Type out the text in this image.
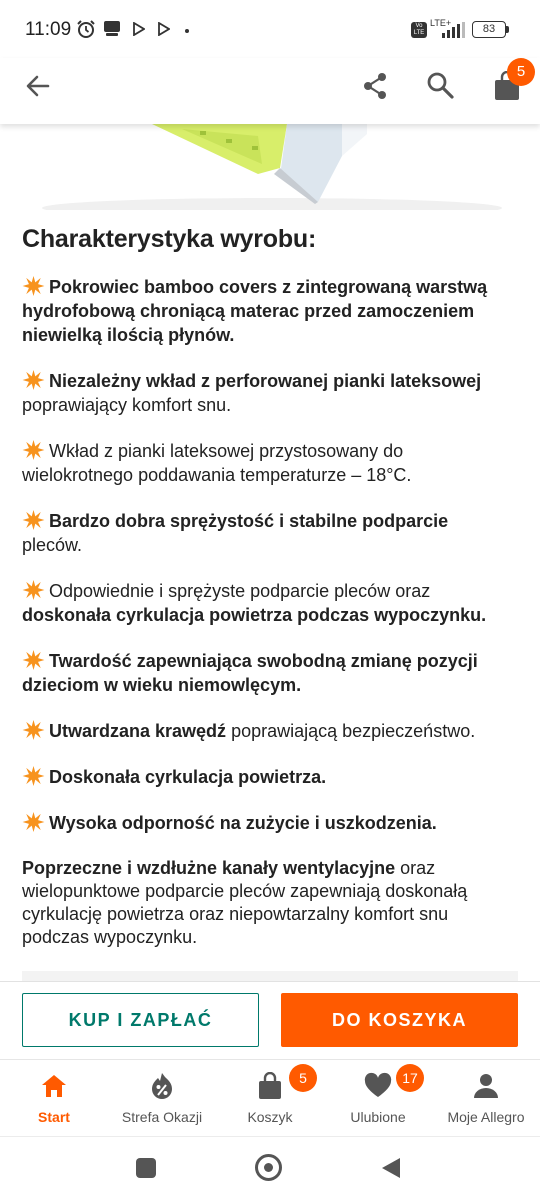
11:09	Vo LTE
LTE+	83
5
Charakterystyka wyrobu:

Pokrowiec bamboo covers z zintegrowaną warstwą hydrofobową chroniącą materac przed zamoczeniem niewielką ilością płynów.

Niezależny wkład z perforowanej pianki lateksowej poprawiający komfort snu.

Wkład z pianki lateksowej przystosowany do wielokrotnego poddawania temperaturze – 18°C.

Bardzo dobra sprężystość i stabilne podparcie pleców.

Odpowiednie i sprężyste podparcie pleców oraz doskonała cyrkulacja powietrza podczas wypoczynku.

Twardość zapewniająca swobodną zmianę pozycji dzieciom w wieku niemowlęcym.

Utwardzana krawędź poprawiającą bezpieczeństwo.

Doskonała cyrkulacja powietrza.

Wysoka odporność na zużycie i uszkodzenia.

Poprzeczne i wzdłużne kanały wentylacyjne oraz wielopunktowe podparcie pleców zapewniają doskonałą cyrkulację powietrza oraz niepowtarzalny komfort snu podczas wypoczynku.

KUP I ZAPŁAĆ	DO KOSZYKA
Start	Strefa Okazji
5
Koszyk
17
Ulubione	Moje Allegro
